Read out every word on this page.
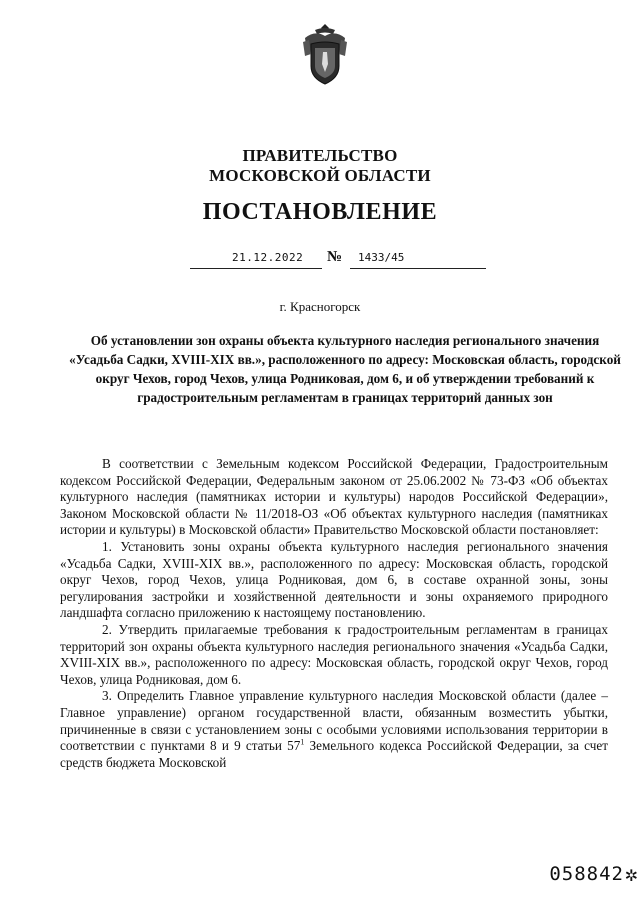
ПРАВИТЕЛЬСТВО
МОСКОВСКОЙ ОБЛАСТИ
ПОСТАНОВЛЕНИЕ
21.12.2022 № 1433/45
г. Красногорск
Об установлении зон охраны объекта культурного наследия регионального значения «Усадьба Садки, XVIII-XIX вв.», расположенного по адресу: Московская область, городской округ Чехов, город Чехов, улица Родниковая, дом 6, и об утверждении требований к градостроительным регламентам в границах территорий данных зон

В соответствии с Земельным кодексом Российской Федерации, Градостроительным кодексом Российской Федерации, Федеральным законом от 25.06.2002 № 73-ФЗ «Об объектах культурного наследия (памятниках истории и культуры) народов Российской Федерации», Законом Московской области № 11/2018-ОЗ «Об объектах культурного наследия (памятниках истории и культуры) в Московской области» Правительство Московской области постановляет:

1. Установить зоны охраны объекта культурного наследия регионального значения «Усадьба Садки, XVIII-XIX вв.», расположенного по адресу: Московская область, городской округ Чехов, город Чехов, улица Родниковая, дом 6, в составе охранной зоны, зоны регулирования застройки и хозяйственной деятельности и зоны охраняемого природного ландшафта согласно приложению к настоящему постановлению.

2. Утвердить прилагаемые требования к градостроительным регламентам в границах территорий зон охраны объекта культурного наследия регионального значения «Усадьба Садки, XVIII-XIX вв.», расположенного по адресу: Московская область, городской округ Чехов, город Чехов, улица Родниковая, дом 6.

3. Определить Главное управление культурного наследия Московской области (далее – Главное управление) органом государственной власти, обязанным возместить убытки, причиненные в связи с установлением зоны с особыми условиями использования территории в соответствии с пунктами 8 и 9 статьи $57^1$ Земельного кодекса Российской Федерации, за счет средств бюджета Московской

058842 ✲
